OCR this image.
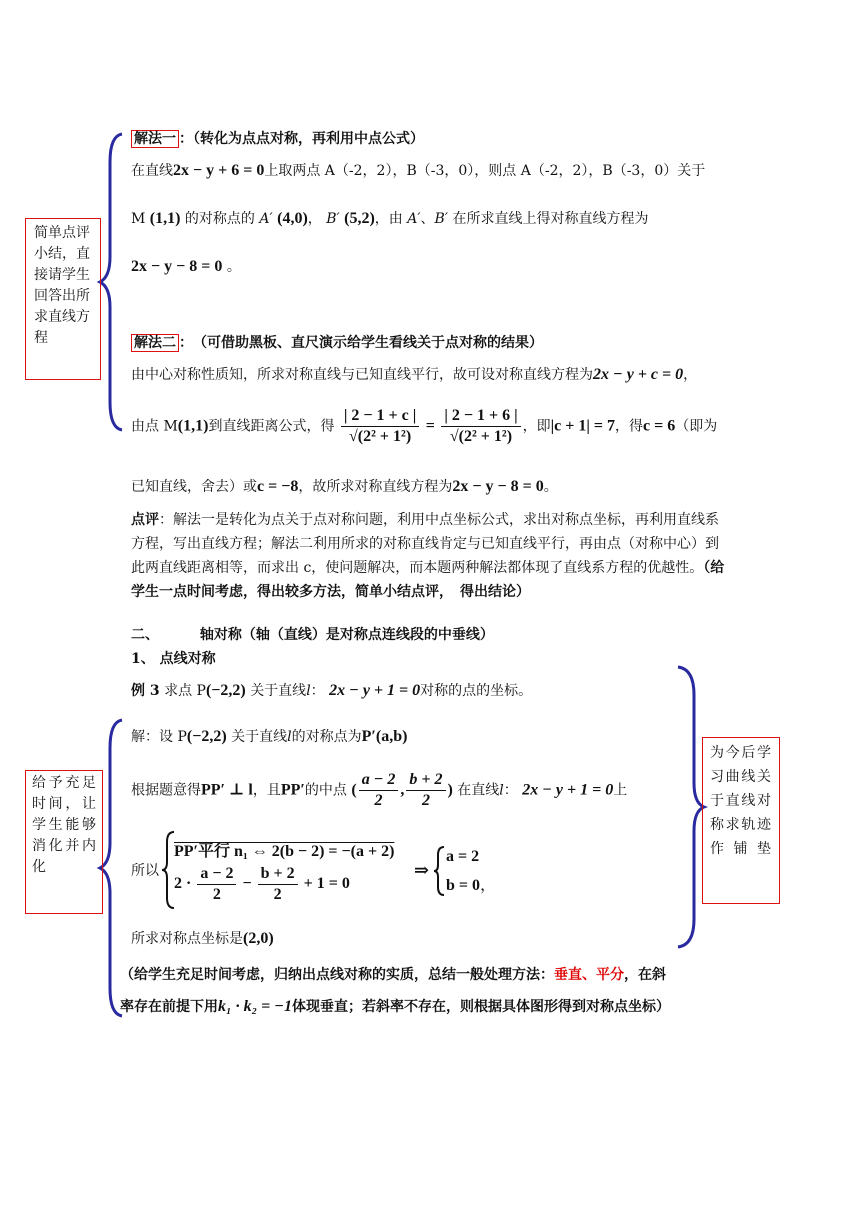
解法一 ：（转化为点点对称，再利用中点公式）
在直线2x − y + 6 = 0上取两点 A（-2，2），B（-3，0），则点 A（-2，2），B（-3，0）关于
M (1,1) 的对称点的 A′ (4,0)， B′ (5,2)，由 A′、B′ 在所求直线上得对称直线方程为
2x − y − 8 = 0 。
简单点评小结，直接请学生回答出所求直线方程	解法二 ：　（可借助黑板、直尺演示给学生看线关于点对称的结果）
由中心对称性质知，所求对称直线与已知直线平行，故可设对称直线方程为2x − y + c = 0，
由点 M(1,1)到直线距离公式，得 $\frac{| 2 - 1 + c |}{\text{√(2² + 1²)}} = \frac{| 2 - 1 + 6 |}{\text{√(2² + 1²)}}$ ，即|c + 1| = 7，得c = 6（即为
已知直线，舍去）或c = −8，故所求对称直线方程为2x − y − 8 = 0。
点评：解法一是转化为点关于点对称问题，利用中点坐标公式，求出对称点坐标，再利用直线系方程，写出直线方程；解法二利用所求的对称直线肯定与已知直线平行，再由点（对称中心）到此两直线距离相等，而求出 c，使问题解决，而本题两种解法都体现了直线系方程的优越性。（给学生一点时间考虑，得出较多方法，简单小结点评，　得出结论）
二、	轴对称（轴（直线）是对称点连线段的中垂线）
1、 点线对称
例 3 求点 P(−2,2) 关于直线l： 2x − y + 1 = 0对称的点的坐标。
解：设 P(−2,2) 关于直线l的对称点为P′(a,b)
根据题意得PP′ ⊥ l，且PP′的中点 ( $\frac{a - 2}{2}$ , $\frac{b + 2}{2}$ ) 在直线l： 2x − y + 1 = 0上
所以
PP′平行 n₁ ⇔ 2(b − 2) = −(a + 2)
$2 \cdot \frac{a - 2}{2} - \frac{b + 2}{2} + 1 = 0$
⇒
a = 2
b = 0，
所求对称点坐标是(2,0)
（给学生充足时间考虑，归纳出点线对称的实质，总结一般处理方法：垂直、平分，在斜
率存在前提下用k₁ · k₂ = −1体现垂直；若斜率不存在，则根据具体图形得到对称点坐标）
给予充足时间，让学生能够消化并内化
为今后学习曲线关于直线对称求轨迹作铺垫
